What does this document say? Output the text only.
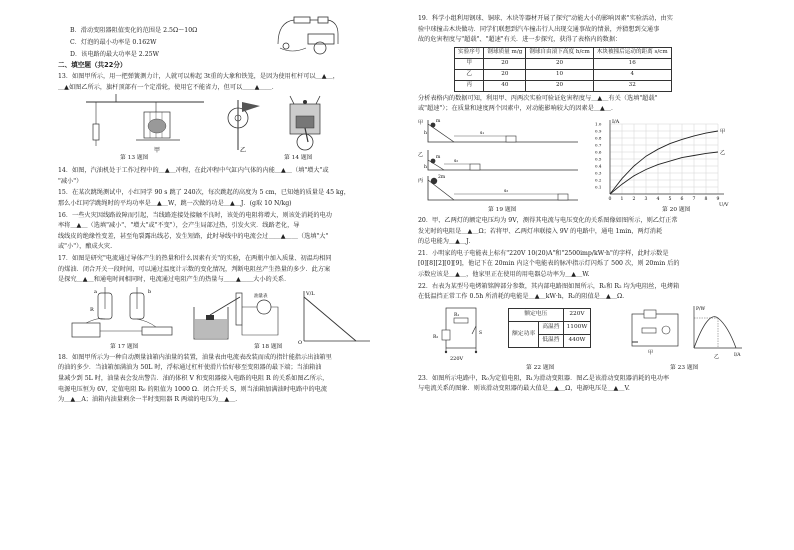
B．滑动变阻器阻值变化的范围是 2.5Ω～10Ω
C．灯泡的最小功率是 0.162W
D．该电路的最大功率是 2.25W
二、填空题（共22分）
13．如图甲所示，用一把弹簧测力计，人就可以称起 3t重的大象和铁笼，是因为使用杠杆可以＿▲＿，
＿▲如图乙所示，旗杆顶部有一个定滑轮，使用它不能省力，但可以＿＿▲＿＿．
甲	乙
第 13 题图	第 14 题图
14．如图，汽油机处于工作过程中的＿▲＿冲程，在此冲程中气缸内气体的内能＿▲＿（填"增大"或
"减小"）
15．在某次跳绳测试中，小红同学 90 s 跳了 240次，每次跳起的高度为 5 cm，已知她的质量是 45 kg，
那么小红同学跳绳时的平均功率是＿▲＿W，跳一次做的功是＿▲＿J．(g取 10 N/kg)
16．一些火灾因线路故障而引起，当线路连接处接触不良时，该处的电阻将增大，则该处消耗的电功
率将＿▲＿（选填"减小"、"增大"或"不变"），会产生局部过热，引发火灾．线路老化，导
线线皮的绝缘性变差，甚至龟裂露出线芯，发生短路，此时导线中的电流会过＿＿▲＿＿（选填"大"
或"小"），酿成火灾.
17．如图是研究"电流通过导体产生的热量和什么因素有关"的实验，在两瓶中加入质量、初温均相同
的煤油．闭合开关一段时间，可以通过温度计示数的变化情况，判断电阻丝产生热量的多少．此方案
是探究＿▲＿和通电时间相同时，电流通过电阻产生的热量与＿＿▲＿＿大小的关系．
a	b
R
油量表	V/L
O
第 17 题图	第 18 题图
18．如图甲所示为一种自动测量油箱内油量的装置，油量表由电流表改装而成的指针能指示出油箱里
的油的多少．当油箱加满油为 50L 时，浮标通过杠杆使滑片恰好移至变阻器的最下端；当油箱油
量减少到 5L 时，油量表会发出警告．油的体积 V 和变阻器接入电路的电阻 R 的关系如图乙所示，
电源电压恒为 6V，定值电阻 R₀ 的阻值为 1000 Ω．闭合开关 S，则当油箱加满油时电路中的电流
为＿▲＿A；油箱内油量剩余一半时变阻器 R 两端的电压为＿▲＿．
19．科学小组利用钢球、铜球、木块等器材开展了探究"动能大小的影响因素"实验活动，由实
验中球撞击木块做功．同学们联想到汽车撞击行人出现交通事故的情景，并猜想到交通事
故的危害程度与"超载"、"超速"有关．进一步探究，获得了表格内的数据：
实验序号	钢球质量 m/g	钢球自由滚下高度 h/cm	木块被撞后运动的距离 s/cm
甲	20	20	16
乙	20	10	4
丙	40	20	32
分析表格内的数据可知，利用甲、丙两次实验可验证危害程度与＿▲＿有关（选填"超载"
或"超速"）；在质量和速度两个因素中，对动能影响较大的因素是＿▲＿．
甲
s₁
m
h
乙
s₂
m
h
丙
s₃
2m
0 1 2 3 4 5 6 7 8 9
0.1
0.2
0.3
0.4
0.5
0.6
0.7
0.8
0.9
1.0
U/V
I/A
甲
乙
第 19 题图	第 20 题图
20．甲、乙两灯的额定电压均为 9V，测得其电流与电压变化的关系图像如图所示，则乙灯正常
发光时的电阻是＿▲＿Ω；若将甲、乙两灯串联接入 9V 的电路中，通电 1min，两灯消耗
的总电能为＿▲＿J．
21．小明家的电子电能表上标有"220V 10(20)A"和"2500imp/kW·h"的字样，此时示数是
[0][8][2][0][9]，他记下在 20min 内这个电能表的脉冲指示灯闪烁了 500 次，则 20min 后的
示数应该是＿▲＿，他家里正在使用的用电器总功率为＿▲＿W.
22．右表为某型号电烤箱铭牌部分参数，其内部电路图如图所示，R₁和 R₂ 均为电阻丝，电烤箱
在低温挡正常工作 0.5h 所消耗的电能是＿▲＿kW·h，R₂的阻值是＿▲＿Ω.
R₁
R₂
S
220V
额定电压		220V
额定功率	高温挡	1100W
	低温挡	440W
甲
P/W
I/A
乙
第 22 题图	第 23 题图
23．如图所示电路中，R₀为定值电阻，R₁为滑动变阻器．图乙是该滑动变阻器消耗的电功率
与电流关系的图象．则该滑动变阻器的最大值是＿▲＿Ω，电源电压是＿▲＿V.
